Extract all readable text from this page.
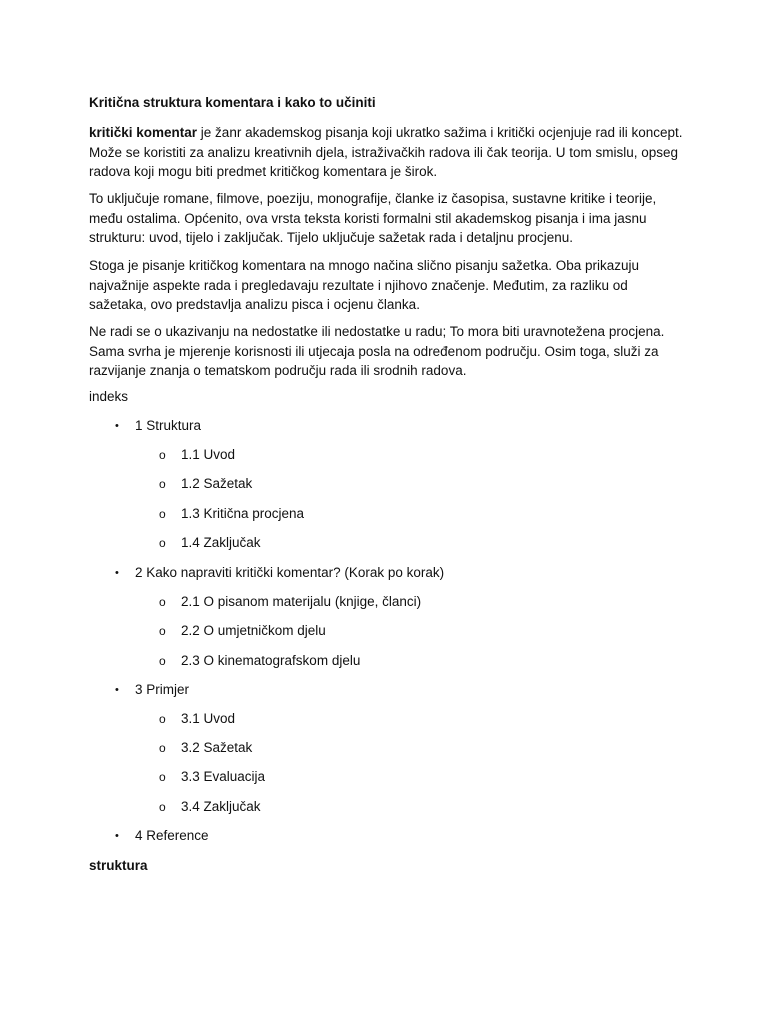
Kritična struktura komentara i kako to učiniti

kritički komentar je žanr akademskog pisanja koji ukratko sažima i kritički ocjenjuje rad ili koncept. Može se koristiti za analizu kreativnih djela, istraživačkih radova ili čak teorija. U tom smislu, opseg radova koji mogu biti predmet kritičkog komentara je širok.

To uključuje romane, filmove, poeziju, monografije, članke iz časopisa, sustavne kritike i teorije, među ostalima. Općenito, ova vrsta teksta koristi formalni stil akademskog pisanja i ima jasnu strukturu: uvod, tijelo i zaključak. Tijelo uključuje sažetak rada i detaljnu procjenu.

Stoga je pisanje kritičkog komentara na mnogo načina slično pisanju sažetka. Oba prikazuju najvažnije aspekte rada i pregledavaju rezultate i njihovo značenje. Međutim, za razliku od sažetaka, ovo predstavlja analizu pisca i ocjenu članka.

Ne radi se o ukazivanju na nedostatke ili nedostatke u radu; To mora biti uravnotežena procjena. Sama svrha je mjerenje korisnosti ili utjecaja posla na određenom području. Osim toga, služi za razvijanje znanja o tematskom području rada ili srodnih radova.

indeks
• 1 Struktura
o 1.1 Uvod
o 1.2 Sažetak
o 1.3 Kritična procjena
o 1.4 Zaključak
• 2 Kako napraviti kritički komentar? (Korak po korak)
o 2.1 O pisanom materijalu (knjige, članci)
o 2.2 O umjetničkom djelu
o 2.3 O kinematografskom djelu
• 3 Primjer
o 3.1 Uvod
o 3.2 Sažetak
o 3.3 Evaluacija
o 3.4 Zaključak
• 4 Reference
struktura
